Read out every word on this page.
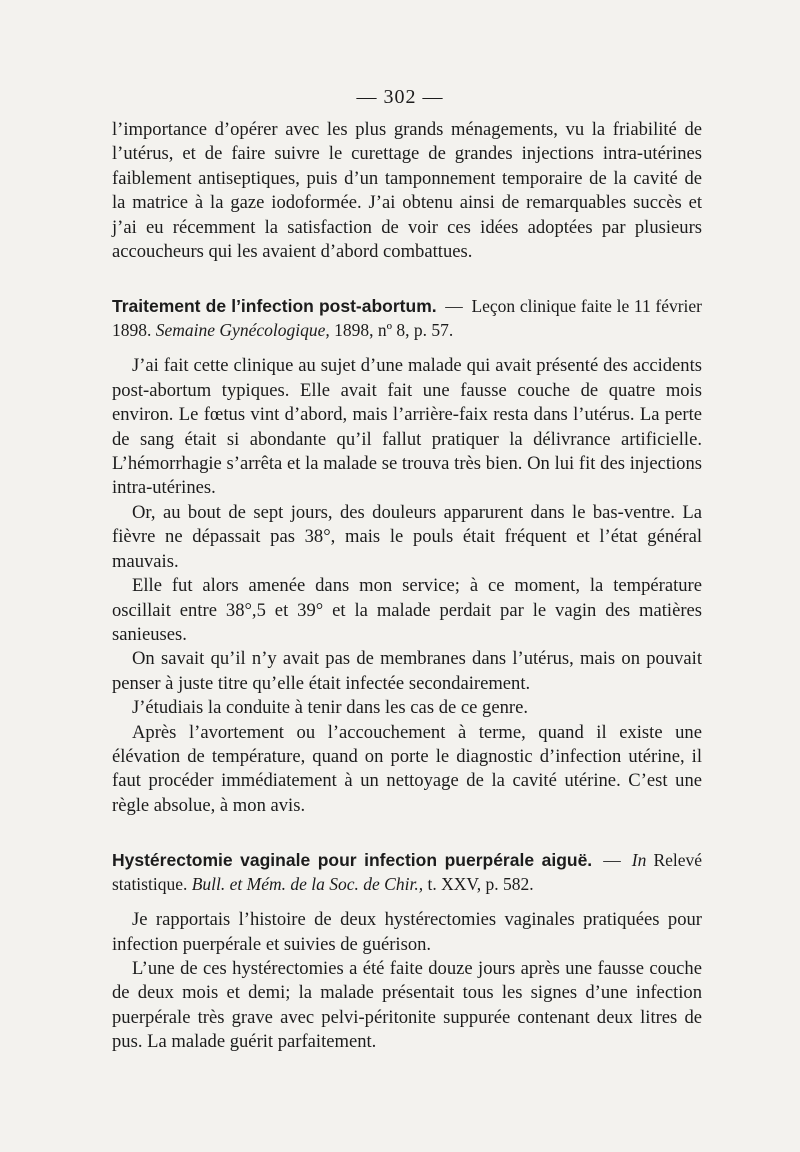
— 302 —

l’importance d’opérer avec les plus grands ménagements, vu la friabilité de l’utérus, et de faire suivre le curettage de grandes injections intra-utérines faiblement antiseptiques, puis d’un tamponnement temporaire de la cavité de la matrice à la gaze iodoformée. J’ai obtenu ainsi de remarquables succès et j’ai eu récemment la satisfaction de voir ces idées adoptées par plusieurs accoucheurs qui les avaient d’abord combattues.

Traitement de l’infection post-abortum. — Leçon clinique faite le 11 février 1898. Semaine Gynécologique, 1898, nº 8, p. 57.

J’ai fait cette clinique au sujet d’une malade qui avait présenté des accidents post-abortum typiques. Elle avait fait une fausse couche de quatre mois environ. Le fœtus vint d’abord, mais l’arrière-faix resta dans l’utérus. La perte de sang était si abondante qu’il fallut pratiquer la délivrance artificielle. L’hémorrhagie s’arrêta et la malade se trouva très bien. On lui fit des injections intra-utérines.

Or, au bout de sept jours, des douleurs apparurent dans le bas-ventre. La fièvre ne dépassait pas 38°, mais le pouls était fréquent et l’état général mauvais.

Elle fut alors amenée dans mon service; à ce moment, la température oscillait entre 38°,5 et 39° et la malade perdait par le vagin des matières sanieuses.

On savait qu’il n’y avait pas de membranes dans l’utérus, mais on pouvait penser à juste titre qu’elle était infectée secondairement.

J’étudiais la conduite à tenir dans les cas de ce genre.

Après l’avortement ou l’accouchement à terme, quand il existe une élévation de température, quand on porte le diagnostic d’infection utérine, il faut procéder immédiatement à un nettoyage de la cavité utérine. C’est une règle absolue, à mon avis.

Hystérectomie vaginale pour infection puerpérale aiguë. — In Relevé statistique. Bull. et Mém. de la Soc. de Chir., t. XXV, p. 582.

Je rapportais l’histoire de deux hystérectomies vaginales pratiquées pour infection puerpérale et suivies de guérison.

L’une de ces hystérectomies a été faite douze jours après une fausse couche de deux mois et demi; la malade présentait tous les signes d’une infection puerpérale très grave avec pelvi-péritonite suppurée contenant deux litres de pus. La malade guérit parfaitement.
